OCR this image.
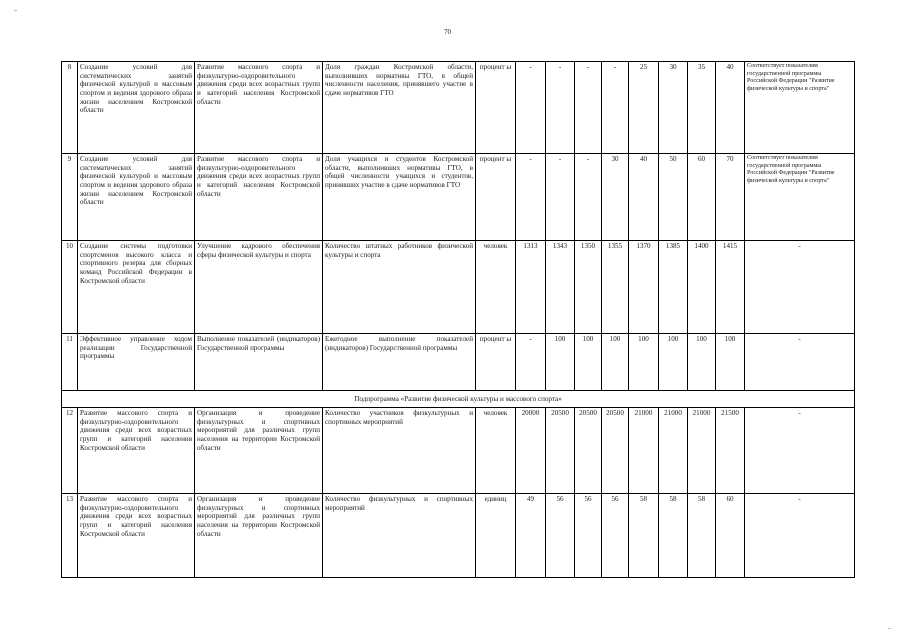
70
8	Создание условий для систематических занятий физической культурой и массовым спортом и ведения здорового образа жизни населением Костромской области	Развитие массового спорта и физкультурно-оздоровительного движения среди всех возрастных групп и категорий населения Костромской области	Доля граждан Костромской области, выполнивших нормативы ГТО, в общей численности населения, принявшего участие в сдаче нормативов ГТО	процент ы	-	-	-	-	25	30	35	40	Соответствует показателям государственной программы Российской Федерации "Развитие физической культуры и спорта"
9	Создание условий для систематических занятий физической культурой и массовым спортом и ведения здорового образа жизни населением Костромской области	Развитие массового спорта и физкультурно-оздоровительного движения среди всех возрастных групп и категорий населения Костромской области	Доля учащихся и студентов Костромской области, выполнивших нормативы ГТО, в общей численности учащихся и студентов, принявших участие в сдаче нормативов ГТО	процент ы	-	-	-	30	40	50	60	70	Соответствует показателям государственной программы Российской Федерации "Развитие физической культуры и спорта"
10	Создание системы подготовки спортсменов высокого класса и спортивного резерва для сборных команд Российской Федерации в Костромской области	Улучшение кадрового обеспечения сферы физической культуры и спорта	Количество штатных работников физической культуры и спорта	человек	1313	1343	1350	1355	1370	1385	1400	1415	-
11	Эффективное управление ходом реализации Государственной программы	Выполнение показателей (индикаторов) Государственной программы	Ежегодное выполнение показателей (индикаторов) Государственной программы	процент ы	-	100	100	100	100	100	100	100	-
Подпрограмма «Развитие физической культуры и массового спорта»													
12	Развитие массового спорта и физкультурно-оздоровительного движения среди всех возрастных групп и категорий населения Костромской области	Организация и проведение физкультурных и спортивных мероприятий для различных групп населения на территории Костромской области	Количество участников физкультурных и спортивных мероприятий	человек	20000	20500	20500	20500	21000	21000	21000	21500	-
13	Развитие массового спорта и физкультурно-оздоровительного движения среди всех возрастных групп и категорий населения Костромской области	Организация и проведение физкультурных и спортивных мероприятий для различных групп населения на территории Костромской области	Количество физкультурных и спортивных мероприятий	единиц	49	56	56	56	58	58	58	60	-
